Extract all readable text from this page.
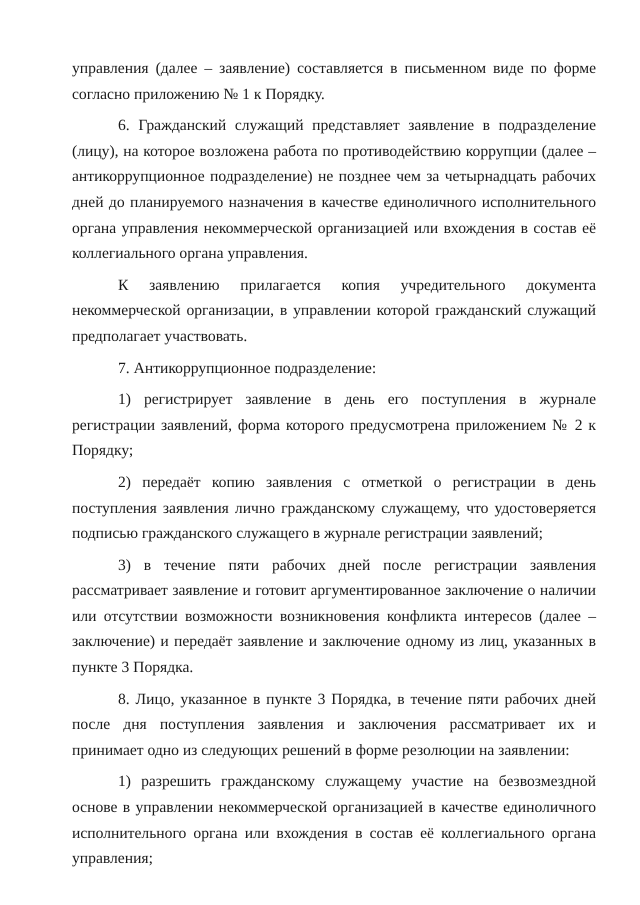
управления (далее – заявление) составляется в письменном виде по форме согласно приложению № 1 к Порядку.

6. Гражданский служащий представляет заявление в подразделение (лицу), на которое возложена работа по противодействию коррупции (далее – антикоррупционное подразделение) не позднее чем за четырнадцать рабочих дней до планируемого назначения в качестве единоличного исполнительного органа управления некоммерческой организацией или вхождения в состав её коллегиального органа управления.

К заявлению прилагается копия учредительного документа некоммерческой организации, в управлении которой гражданский служащий предполагает участвовать.

7. Антикоррупционное подразделение:

1) регистрирует заявление в день его поступления в журнале регистрации заявлений, форма которого предусмотрена приложением № 2 к Порядку;

2) передаёт копию заявления с отметкой о регистрации в день поступления заявления лично гражданскому служащему, что удостоверяется подписью гражданского служащего в журнале регистрации заявлений;

3) в течение пяти рабочих дней после регистрации заявления рассматривает заявление и готовит аргументированное заключение о наличии или отсутствии возможности возникновения конфликта интересов (далее – заключение) и передаёт заявление и заключение одному из лиц, указанных в пункте 3 Порядка.

8. Лицо, указанное в пункте 3 Порядка, в течение пяти рабочих дней после дня поступления заявления и заключения рассматривает их и принимает одно из следующих решений в форме резолюции на заявлении:

1) разрешить гражданскому служащему участие на безвозмездной основе в управлении некоммерческой организацией в качестве единоличного исполнительного органа или вхождения в состав её коллегиального органа управления;
